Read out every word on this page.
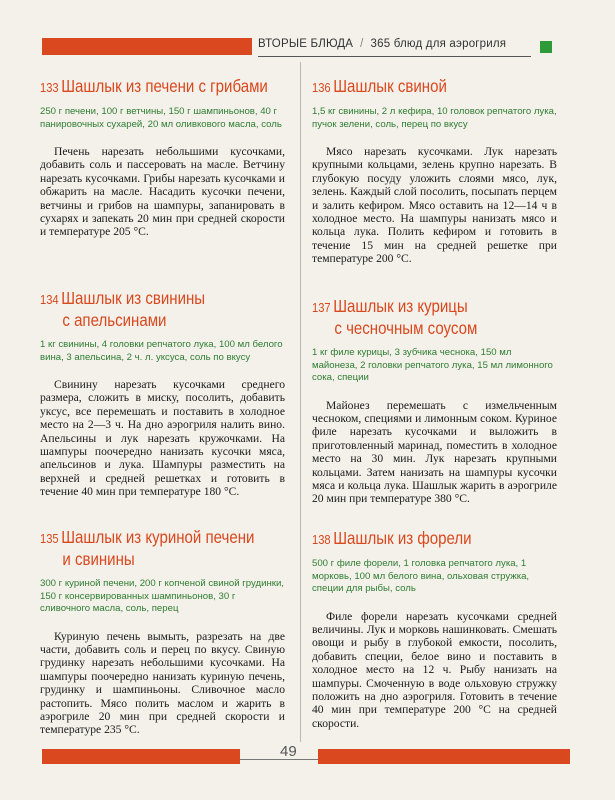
ВТОРЫЕ БЛЮДА / 365 блюд для аэрогриля
133 Шашлык из печени с грибами

250 г печени, 100 г ветчины, 150 г шампиньонов, 40 г панировочных сухарей, 20 мл оливкового масла, соль

Печень нарезать небольшими кусочками, добавить соль и пассеровать на масле. Ветчину нарезать кусочками. Грибы нарезать кусочками и обжарить на масле. Насадить кусочки печени, ветчины и грибов на шампуры, запанировать в сухарях и запекать 20 мин при средней скорости и температуре 205 °С.

134 Шашлык из свинины
с апельсинами

1 кг свинины, 4 головки репчатого лука, 100 мл белого вина, 3 апельсина, 2 ч. л. уксуса, соль по вкусу

Свинину нарезать кусочками среднего размера, сложить в миску, посолить, добавить уксус, все перемешать и поставить в холодное место на 2—3 ч. На дно аэрогриля налить вино. Апельсины и лук нарезать кружочками. На шампуры поочередно нанизать кусочки мяса, апельсинов и лука. Шампуры разместить на верхней и средней решетках и готовить в течение 40 мин при температуре 180 °С.

135 Шашлык из куриной печени
и свинины

300 г куриной печени, 200 г копченой свиной грудинки, 150 г консервированных шампиньонов, 30 г сливочного масла, соль, перец

Куриную печень вымыть, разрезать на две части, добавить соль и перец по вкусу. Свиную грудинку нарезать небольшими кусочками. На шампуры поочередно нанизать куриную печень, грудинку и шампиньоны. Сливочное масло растопить. Мясо полить маслом и жарить в аэрогриле 20 мин при средней скорости и температуре 235 °С.

136 Шашлык свиной

1,5 кг свинины, 2 л кефира, 10 головок репчатого лука, пучок зелени, соль, перец по вкусу

Мясо нарезать кусочками. Лук нарезать крупными кольцами, зелень крупно нарезать. В глубокую посуду уложить слоями мясо, лук, зелень. Каждый слой посолить, посыпать перцем и залить кефиром. Мясо оставить на 12—14 ч в холодное место. На шампуры нанизать мясо и кольца лука. Полить кефиром и готовить в течение 15 мин на средней решетке при температуре 200 °С.

137 Шашлык из курицы
с чесночным соусом

1 кг филе курицы, 3 зубчика чеснока, 150 мл майонеза, 2 головки репчатого лука, 15 мл лимонного сока, специи

Майонез перемешать с измельченным чесноком, специями и лимонным соком. Куриное филе нарезать кусочками и выложить в приготовленный маринад, поместить в холодное место на 30 мин. Лук нарезать крупными кольцами. Затем нанизать на шампуры кусочки мяса и кольца лука. Шашлык жарить в аэрогриле 20 мин при температуре 380 °С.

138 Шашлык из форели

500 г филе форели, 1 головка репчатого лука, 1 морковь, 100 мл белого вина, ольховая стружка, специи для рыбы, соль

Филе форели нарезать кусочками средней величины. Лук и морковь нашинковать. Смешать овощи и рыбу в глубокой емкости, посолить, добавить специи, белое вино и поставить в холодное место на 12 ч. Рыбу нанизать на шампуры. Смоченную в воде ольховую стружку положить на дно аэрогриля. Готовить в течение 40 мин при температуре 200 °С на средней скорости.

49
